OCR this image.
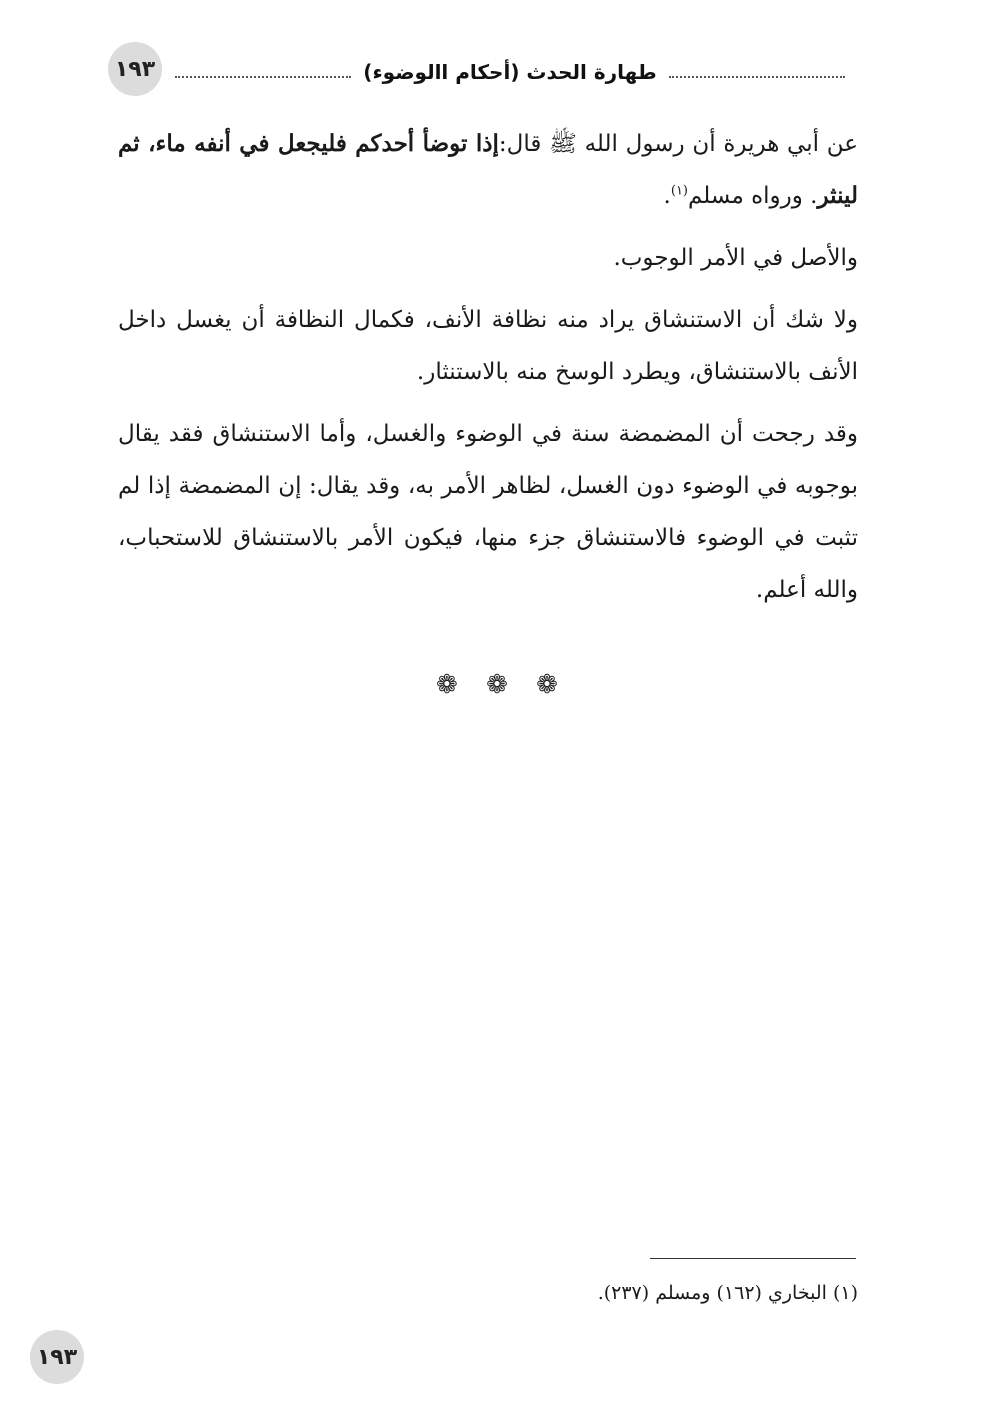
١٩٣	طهارة الحدث (أحكام االوضوء)

عن أبي هريرة أن رسول الله ﷺ قال:إذا توضأ أحدكم فليجعل في أنفه ماء، ثم لينثر. ورواه مسلم$^{(١)}$.

والأصل في الأمر الوجوب.

ولا شك أن الاستنشاق يراد منه نظافة الأنف، فكمال النظافة أن يغسل داخل الأنف بالاستنشاق، ويطرد الوسخ منه بالاستنثار.

وقد رجحت أن المضمضة سنة في الوضوء والغسل، وأما الاستنشاق فقد يقال بوجوبه في الوضوء دون الغسل، لظاهر الأمر به، وقد يقال: إن المضمضة إذا لم تثبت في الوضوء فالاستنشاق جزء منها، فيكون الأمر بالاستنشاق للاستحباب، والله أعلم.

❁ ❁ ❁
(١) البخاري (١٦٢) ومسلم (٢٣٧).
١٩٣
